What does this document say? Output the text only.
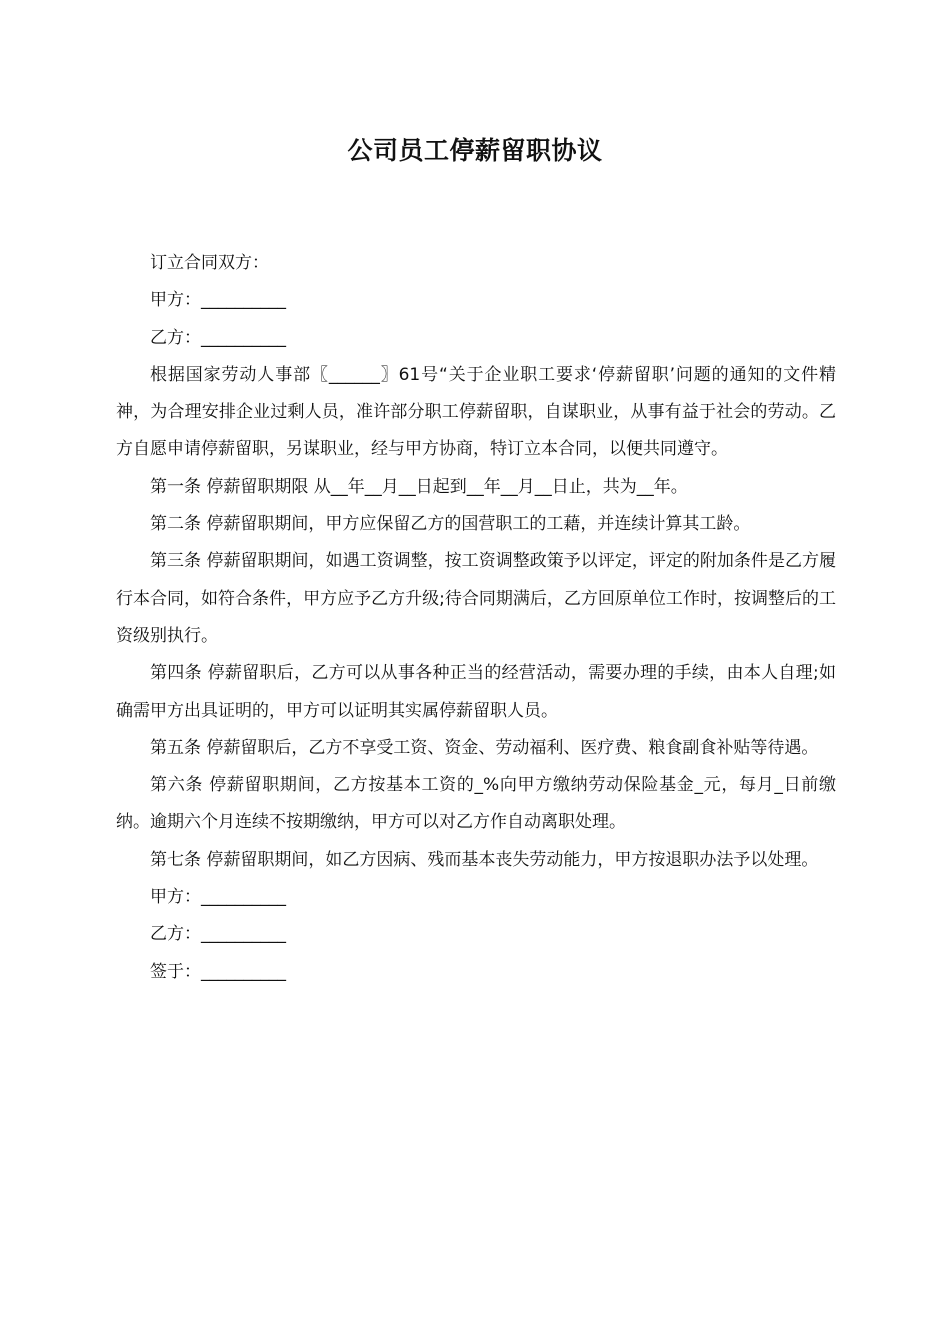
公司员工停薪留职协议

订立合同双方：

甲方：__________

乙方：__________

根据国家劳动人事部〖______〗61号“关于企业职工要求‘停薪留职’问题的通知的文件精神，为合理安排企业过剩人员，准许部分职工停薪留职，自谋职业，从事有益于社会的劳动。乙方自愿申请停薪留职，另谋职业，经与甲方协商，特订立本合同，以便共同遵守。

第一条 停薪留职期限 从__年__月__日起到__年__月__日止，共为__年。

第二条 停薪留职期间，甲方应保留乙方的国营职工的工藉，并连续计算其工龄。

第三条 停薪留职期间，如遇工资调整，按工资调整政策予以评定，评定的附加条件是乙方履行本合同，如符合条件，甲方应予乙方升级;待合同期满后，乙方回原单位工作时，按调整后的工资级别执行。

第四条 停薪留职后，乙方可以从事各种正当的经营活动，需要办理的手续，由本人自理;如确需甲方出具证明的，甲方可以证明其实属停薪留职人员。

第五条 停薪留职后，乙方不享受工资、资金、劳动福利、医疗费、粮食副食补贴等待遇。

第六条 停薪留职期间，乙方按基本工资的_%向甲方缴纳劳动保险基金_元，每月_日前缴纳。逾期六个月连续不按期缴纳，甲方可以对乙方作自动离职处理。

第七条 停薪留职期间，如乙方因病、残而基本丧失劳动能力，甲方按退职办法予以处理。

甲方：__________

乙方：__________

签于：__________
